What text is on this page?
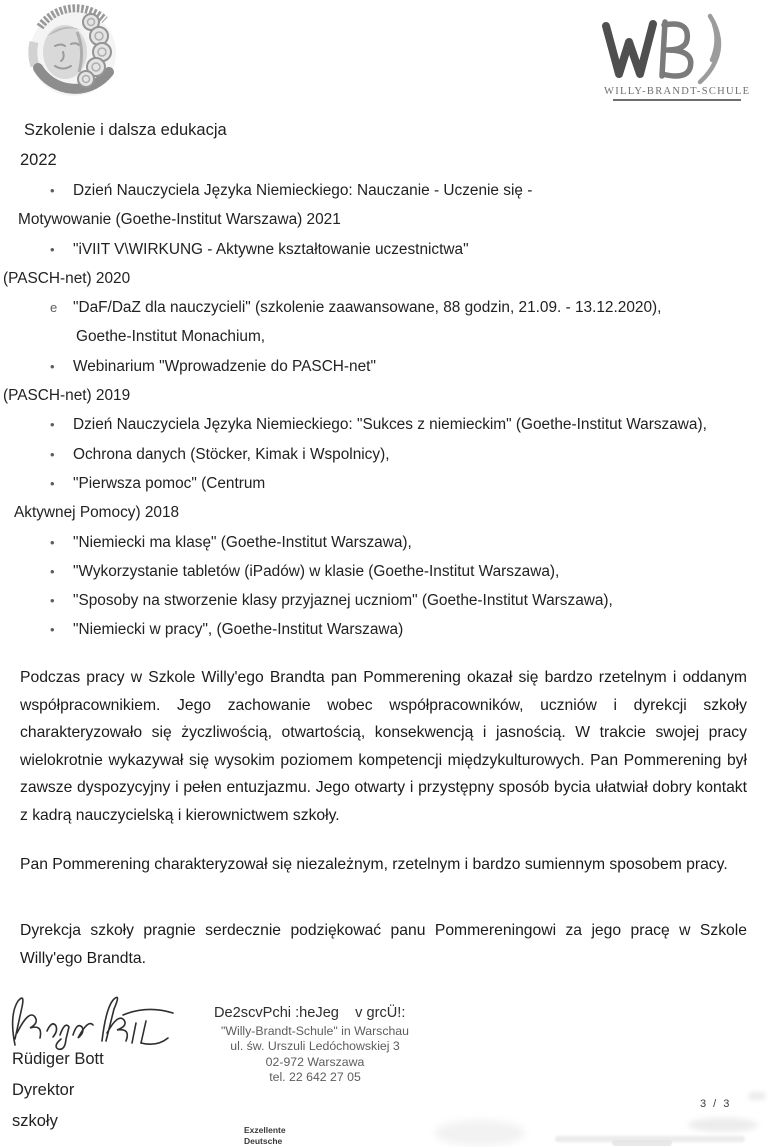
WILLY-BRANDT-SCHULE
Szkolenie i dalsza edukacja
2022
• Dzień Nauczyciela Języka Niemieckiego: Nauczanie - Uczenie się -
Motywowanie (Goethe-Institut Warszawa) 2021
• "iVIIT V\WIRKUNG - Aktywne kształtowanie uczestnictwa"
(PASCH-net) 2020
e "DaF/DaZ dla nauczycieli" (szkolenie zaawansowane, 88 godzin, 21.09. - 13.12.2020),
Goethe-Institut Monachium,
• Webinarium "Wprowadzenie do PASCH-net"
(PASCH-net) 2019
• Dzień Nauczyciela Języka Niemieckiego: "Sukces z niemieckim" (Goethe-Institut Warszawa),
• Ochrona danych (Stöcker, Kimak i Wspolnicy),
• "Pierwsza pomoc" (Centrum
Aktywnej Pomocy) 2018
• "Niemiecki ma klasę" (Goethe-Institut Warszawa),
• "Wykorzystanie tabletów (iPadów) w klasie (Goethe-Institut Warszawa),
• "Sposoby na stworzenie klasy przyjaznej uczniom" (Goethe-Institut Warszawa),
• "Niemiecki w pracy", (Goethe-Institut Warszawa)
Podczas pracy w Szkole Willy'ego Brandta pan Pommerening okazał się bardzo rzetelnym i oddanym współpracownikiem. Jego zachowanie wobec współpracowników, uczniów i dyrekcji szkoły charakteryzowało się życzliwością, otwartością, konsekwencją i jasnością. W trakcie swojej pracy wielokrotnie wykazywał się wysokim poziomem kompetencji międzykulturowych. Pan Pommerening był zawsze dyspozycyjny i pełen entuzjazmu. Jego otwarty i przystępny sposób bycia ułatwiał dobry kontakt z kadrą nauczycielską i kierownictwem szkoły.
Pan Pommerening charakteryzował się niezależnym, rzetelnym i bardzo sumiennym sposobem pracy.
Dyrekcja szkoły pragnie serdecznie podziękować panu Pommereningowi za jego pracę w Szkole Willy'ego Brandta.
Rüdiger Bott
Dyrektor
szkoły
De2scvPchi :heJeg    v grcÜ!:
"Willy-Brandt-Schule" in Warschau
ul. św. Urszuli Ledóchowskiej 3
02-972 Warszawa
tel. 22 642 27 05
3 / 3
Exzellente
Deutsche
